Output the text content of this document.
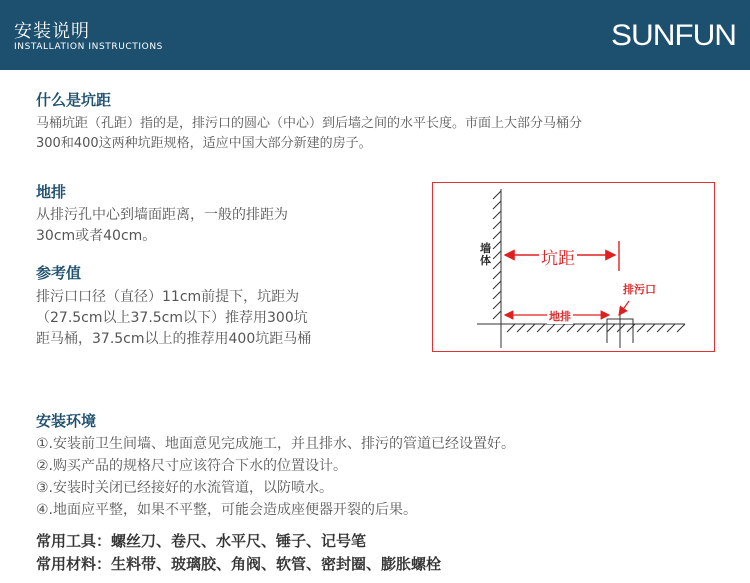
安装说明
INSTALLATION INSTRUCTIONS	SUNFUN
什么是坑距
马桶坑距（孔距）指的是，排污口的圆心（中心）到后墙之间的水平长度。市面上大部分马桶分
300和400这两种坑距规格，适应中国大部分新建的房子。
地排
从排污孔中心到墙面距离，一般的排距为
30cm或者40cm。
参考值
排污口口径（直径）11cm前提下，坑距为
（27.5cm以上37.5cm以下）推荐用300坑
距马桶，37.5cm以上的推荐用400坑距马桶
墙体	坑距
排污口
地排
安装环境
①.安装前卫生间墙、地面意见完成施工，并且排水、排污的管道已经设置好。
②.购买产品的规格尺寸应该符合下水的位置设计。
③.安装时关闭已经接好的水流管道，以防喷水。
④.地面应平整，如果不平整，可能会造成座便器开裂的后果。
常用工具：螺丝刀、卷尺、水平尺、锤子、记号笔
常用材料：生料带、玻璃胶、角阀、软管、密封圈、膨胀螺栓
